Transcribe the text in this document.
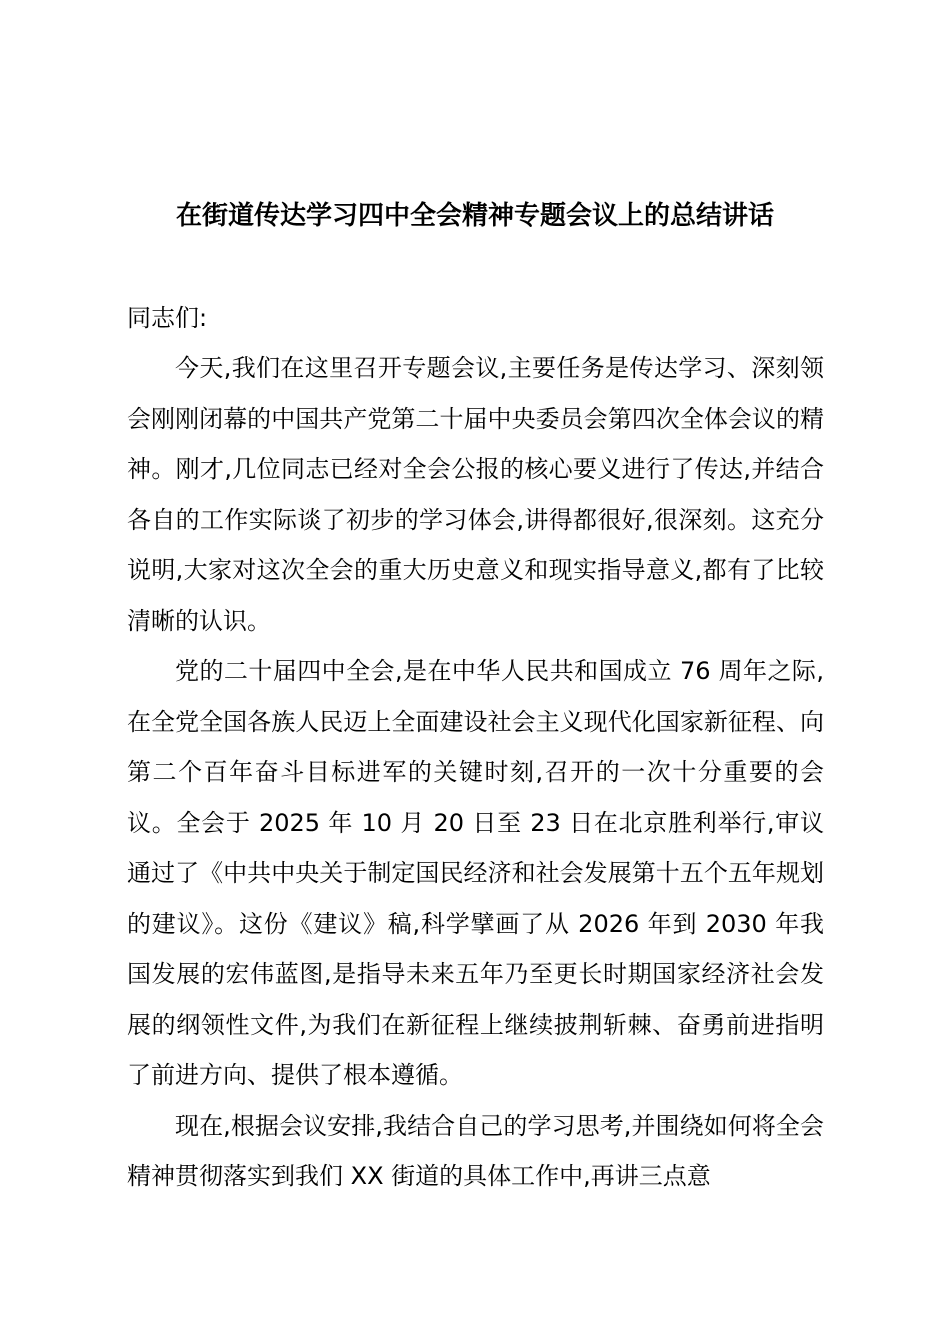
在街道传达学习四中全会精神专题会议上的总结讲话

同志们:

今天,我们在这里召开专题会议,主要任务是传达学习、深刻领会刚刚闭幕的中国共产党第二十届中央委员会第四次全体会议的精神。刚才,几位同志已经对全会公报的核心要义进行了传达,并结合各自的工作实际谈了初步的学习体会,讲得都很好,很深刻。这充分说明,大家对这次全会的重大历史意义和现实指导意义,都有了比较清晰的认识。

党的二十届四中全会,是在中华人民共和国成立 76 周年之际,在全党全国各族人民迈上全面建设社会主义现代化国家新征程、向第二个百年奋斗目标进军的关键时刻,召开的一次十分重要的会议。全会于 2025 年 10 月 20 日至 23 日在北京胜利举行,审议通过了《中共中央关于制定国民经济和社会发展第十五个五年规划的建议》。这份《建议》稿,科学擘画了从 2026 年到 2030 年我国发展的宏伟蓝图,是指导未来五年乃至更长时期国家经济社会发展的纲领性文件,为我们在新征程上继续披荆斩棘、奋勇前进指明了前进方向、提供了根本遵循。

现在,根据会议安排,我结合自己的学习思考,并围绕如何将全会精神贯彻落实到我们 XX 街道的具体工作中,再讲三点意
